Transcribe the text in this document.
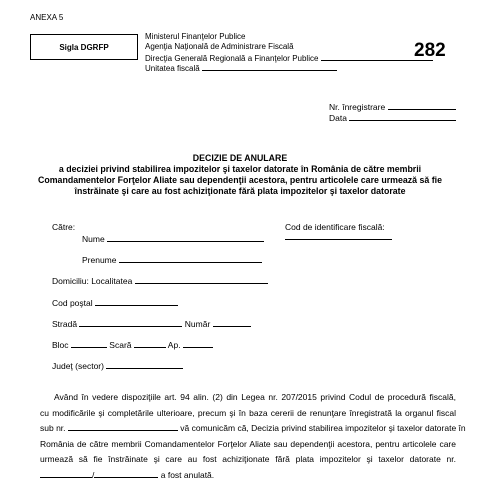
ANEXA 5
Sigla DGRFP
Ministerul Finanţelor Publice
Agenţia Naţională de Administrare Fiscală
Direcţia Generală Regională a Finanţelor Publice
Unitatea fiscală
282
Nr. înregistrare
Data
DECIZIE DE ANULARE
a deciziei privind stabilirea impozitelor şi taxelor datorate în România de către membrii
Comandamentelor Forţelor Aliate sau dependenţii acestora, pentru articolele care urmează să fie
înstrăinate şi care au fost achiziţionate fără plata impozitelor şi taxelor datorate
Către:	Cod de identificare fiscală:
Nume
Prenume
Domiciliu: Localitatea
Cod poştal
Stradă	Număr
Bloc	Scară	Ap.
Judeţ (sector)
Având în vedere dispoziţiile art. 94 alin. (2) din Legea nr. 207/2015 privind Codul de procedură fiscală,
cu modificările şi completările ulterioare, precum şi în baza cererii de renunţare înregistrată la organul fiscal
sub nr.	vă comunicăm că, Decizia privind stabilirea impozitelor şi taxelor datorate în
România de către membrii Comandamentelor Forţelor Aliate sau dependenţii acestora, pentru articolele care
urmează să fie înstrăinate şi care au fost achiziţionate fără plata impozitelor şi taxelor datorate nr.
/	a fost anulată.
